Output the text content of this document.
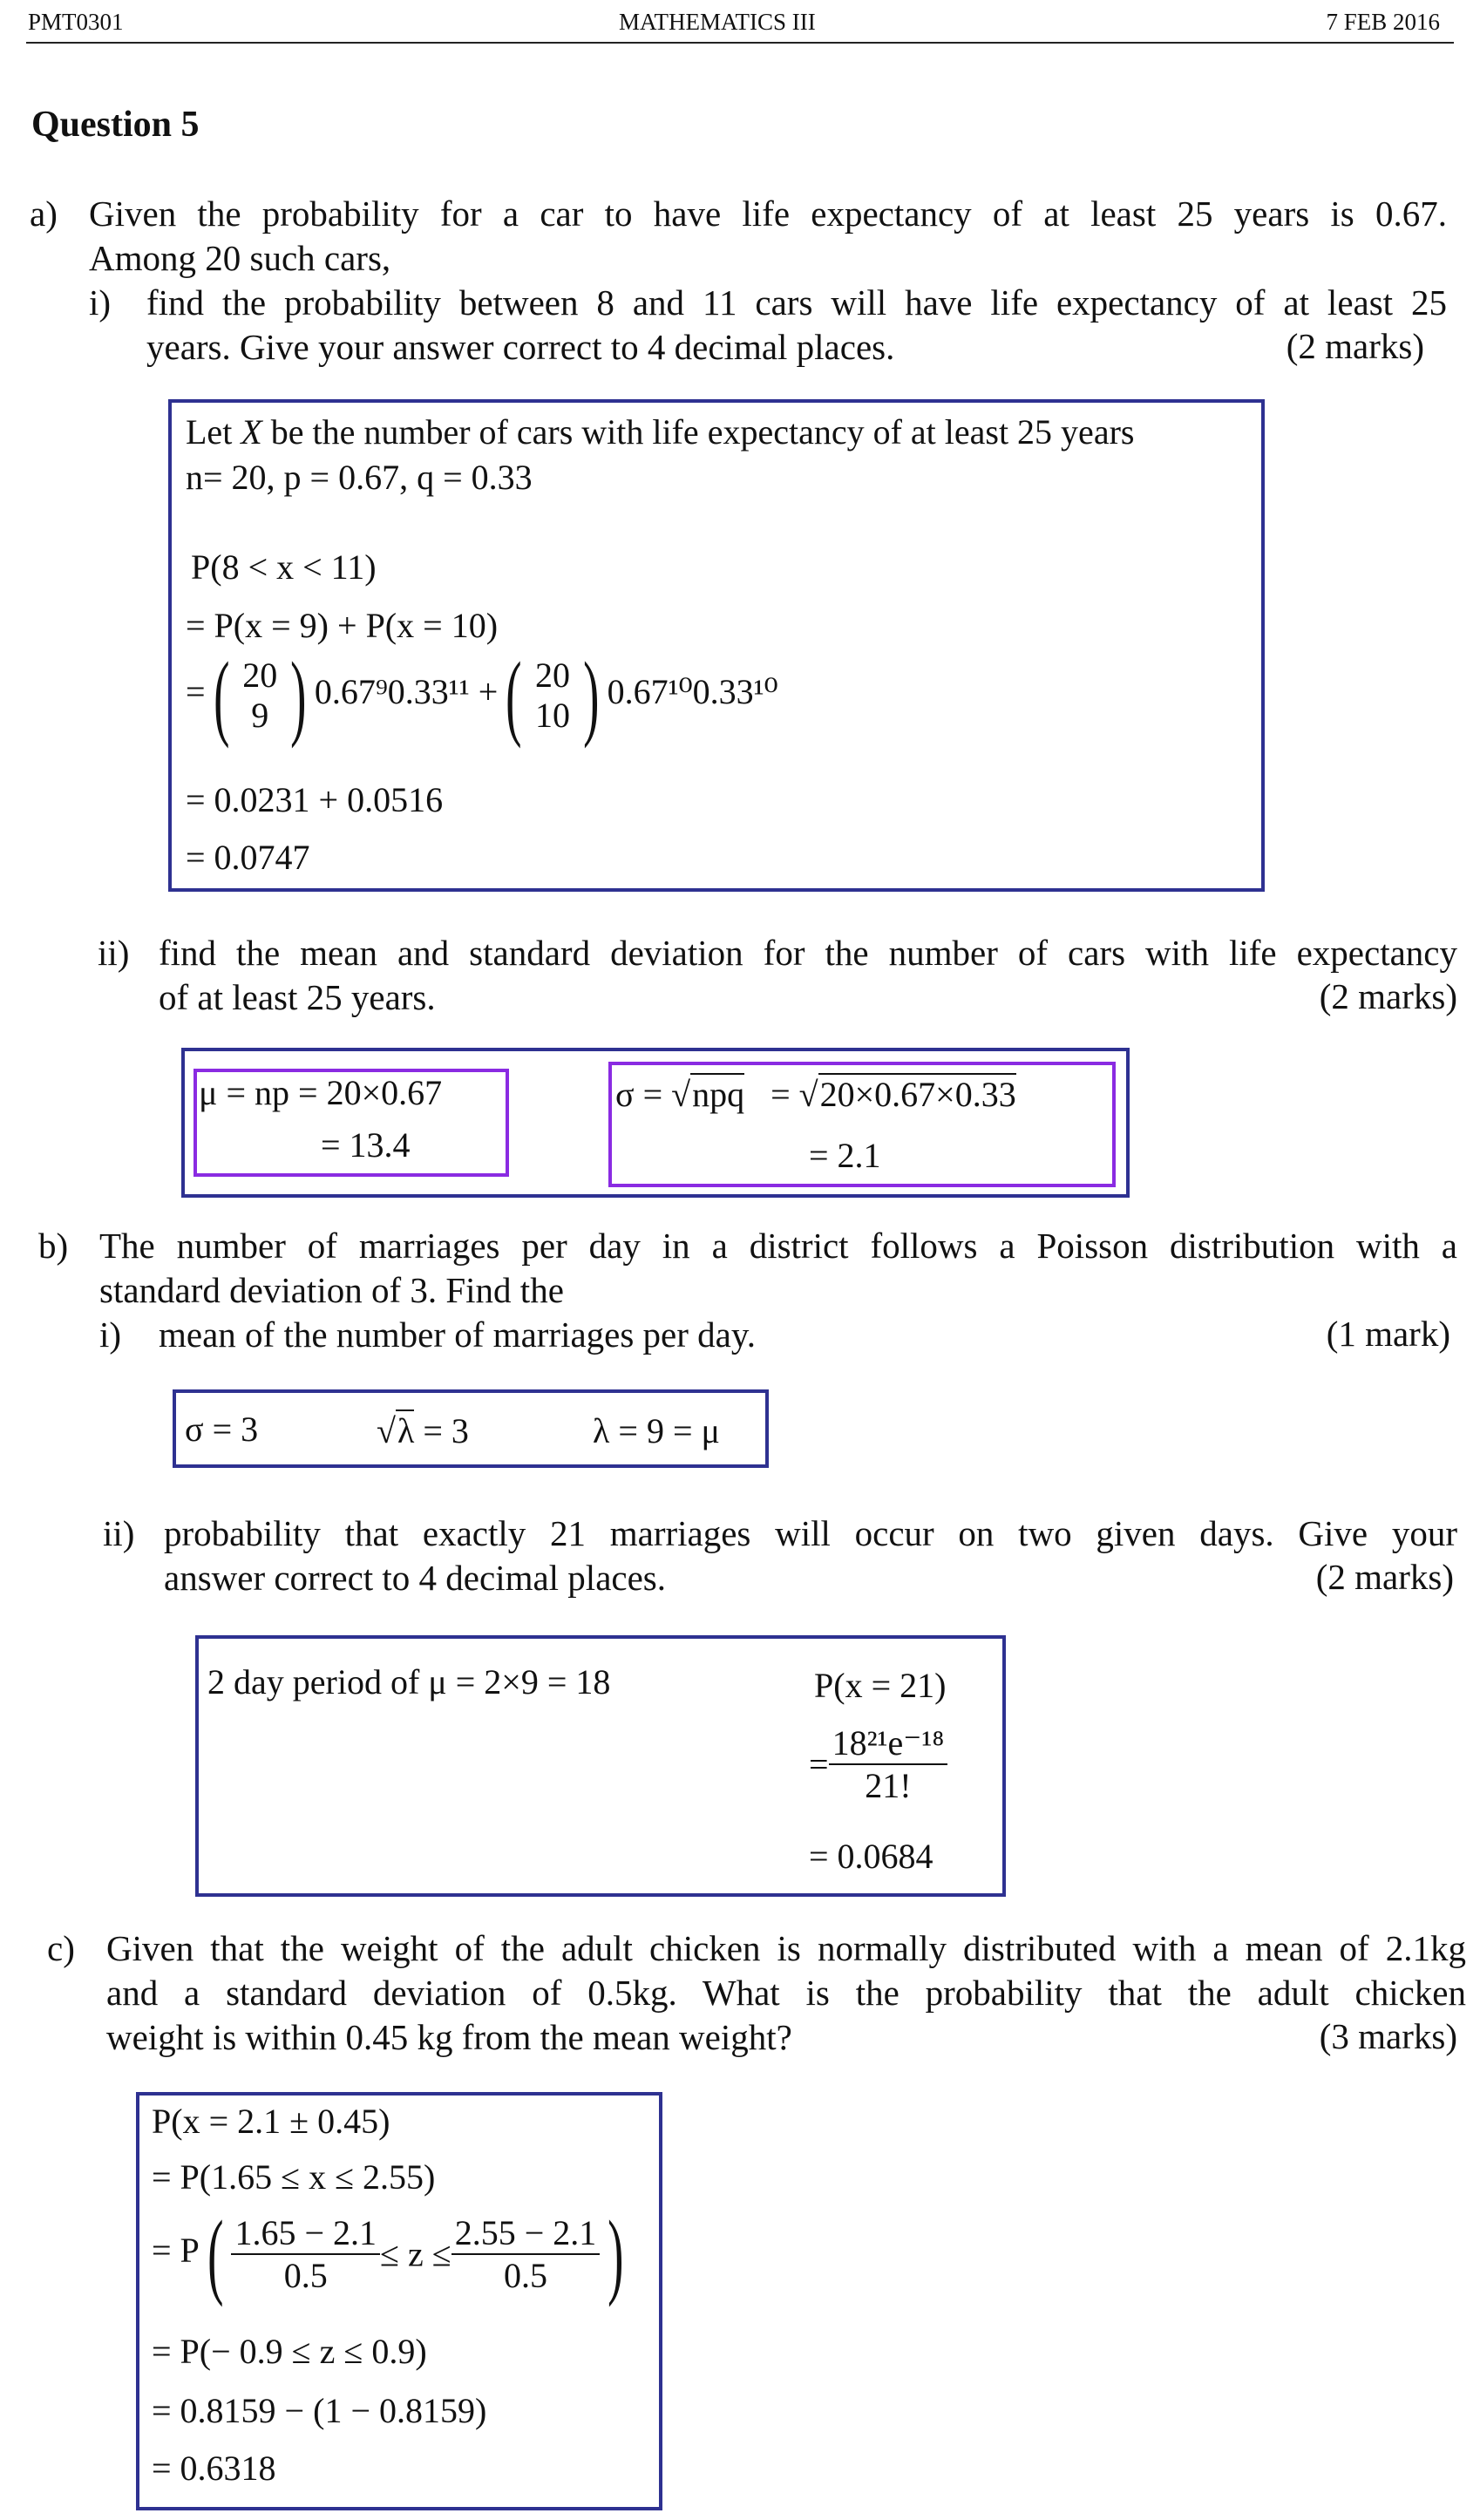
PMT0301	MATHEMATICS III	7 FEB 2016
Question 5
a) Given the probability for a car to have life expectancy of at least 25 years is 0.67.
Among 20 such cars,
i) find the probability between 8 and 11 cars will have life expectancy of at least 25
years. Give your answer correct to 4 decimal places.	(2 marks)
Let X be the number of cars with life expectancy of at least 25 years
n= 20, p = 0.67, q = 0.33
P(8 < x < 11)
= P(x = 9) + P(x = 10)
=( 20
9 ) 0.67⁹0.33¹¹ +( 20
10 ) 0.67¹⁰0.33¹⁰
= 0.0231 + 0.0516
= 0.0747
ii) find the mean and standard deviation for the number of cars with life expectancy
of at least 25 years.	(2 marks)
μ = np = 20×0.67
= 13.4
σ = √npq = √20×0.67×0.33
= 2.1
b) The number of marriages per day in a district follows a Poisson distribution with a
standard deviation of 3. Find the
i) mean of the number of marriages per day.	(1 mark)
σ = 3	√λ = 3	λ = 9 = μ
ii) probability that exactly 21 marriages will occur on two given days. Give your
answer correct to 4 decimal places.	(2 marks)
2 day period of μ = 2×9 = 18	P(x = 21)
= $\frac{\text{18²¹e⁻¹⁸}}{21!}$
= 0.0684
c) Given that the weight of the adult chicken is normally distributed with a mean of 2.1kg
and a standard deviation of 0.5kg. What is the probability that the adult chicken
weight is within 0.45 kg from the mean weight?	(3 marks)
P(x = 2.1 ± 0.45)
= P(1.65 ≤ x ≤ 2.55)
= $P( \frac{1.65 - 2.1}{0.5} \le z \le \frac{2.55 - 2.1}{0.5}$ )
= P(− 0.9 ≤ z ≤ 0.9)
= 0.8159 − (1 − 0.8159)
= 0.6318
